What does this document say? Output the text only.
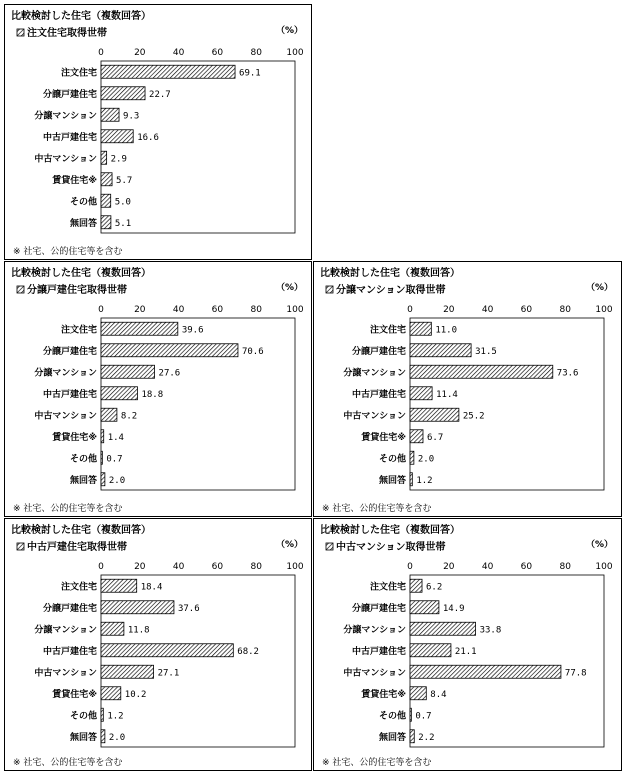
比較検討した住宅（複数回答）
注文住宅取得世帯	（%）
0	20	40	60	80	100
注文住宅	69.1
分譲戸建住宅	22.7
分譲マンション	9.3
中古戸建住宅	16.6
中古マンション 2.9
賃貸住宅※ 5.7
その他 5.0
無回答 5.1
※ 社宅、公的住宅等を含む
比較検討した住宅（複数回答）
分譲戸建住宅取得世帯	（%）
0	20	40	60	80	100
注文住宅	39.6
分譲戸建住宅	70.6
分譲マンション	27.6
中古戸建住宅	18.8
中古マンション	8.2
賃貸住宅※ 1.4
その他 0.7
無回答 2.0
※ 社宅、公的住宅等を含む
比較検討した住宅（複数回答）
分譲マンション取得世帯	（%）
0	20	40	60	80	100
注文住宅	11.0
分譲戸建住宅	31.5
分譲マンション	73.6
中古戸建住宅	11.4
中古マンション	25.2
賃貸住宅※ 6.7
その他 2.0
無回答 1.2
※ 社宅、公的住宅等を含む
比較検討した住宅（複数回答）
中古戸建住宅取得世帯	（%）
0	20	40	60	80	100
注文住宅	18.4
分譲戸建住宅	37.6
分譲マンション	11.8
中古戸建住宅	68.2
中古マンション	27.1
賃貸住宅※	10.2
その他 1.2
無回答 2.0
※ 社宅、公的住宅等を含む
比較検討した住宅（複数回答）
中古マンション取得世帯	（%）
0	20	40	60	80	100
注文住宅 6.2
分譲戸建住宅	14.9
分譲マンション	33.8
中古戸建住宅	21.1
中古マンション	77.8
賃貸住宅※	8.4
その他 0.7
無回答 2.2
※ 社宅、公的住宅等を含む
